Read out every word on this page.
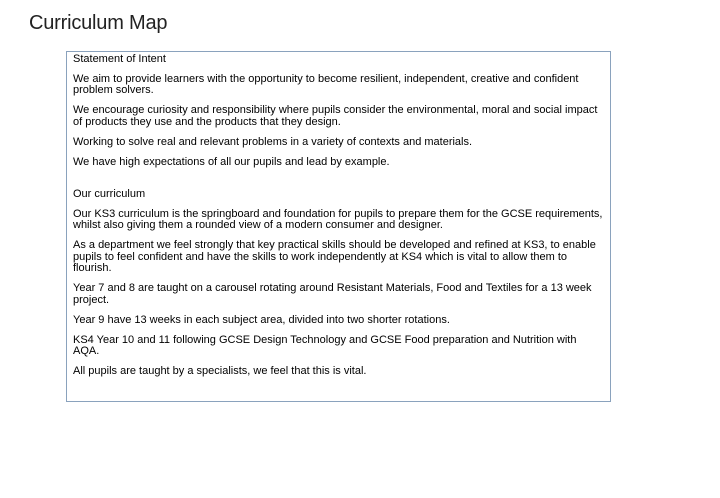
Curriculum Map

Statement of Intent

We aim to provide learners with the opportunity to become resilient, independent, creative and confident problem solvers.

We encourage curiosity and responsibility where pupils consider the environmental, moral and social impact of products they use and the products that they design.

Working to solve real and relevant problems in a variety of contexts and materials.

We have high expectations of all our pupils and lead by example.

Our curriculum

Our KS3 curriculum is the springboard and foundation for pupils to prepare them for the GCSE requirements, whilst also giving them a rounded view of a modern consumer and designer.

As a department we feel strongly that key practical skills should be developed and refined at KS3, to enable pupils to feel confident and have the skills to work independently at KS4 which is vital to allow them to flourish.

Year 7 and 8 are taught on a carousel rotating around Resistant Materials, Food and Textiles for a 13 week project.

Year 9 have 13 weeks in each subject area, divided into two shorter rotations.

KS4 Year 10 and 11 following GCSE Design Technology and GCSE Food preparation and Nutrition with AQA.

All pupils are taught by a specialists, we feel that this is vital.
